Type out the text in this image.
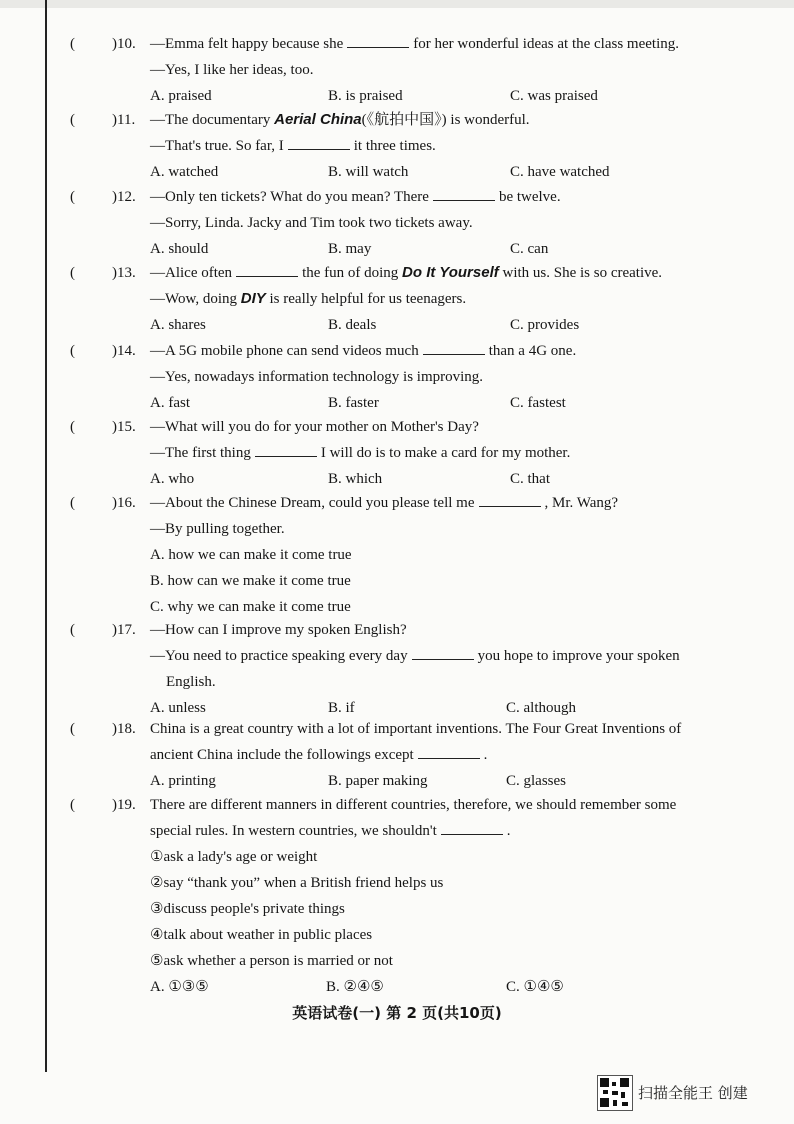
( )10. —Emma felt happy because she	for her wonderful ideas at the class meeting.
—Yes, I like her ideas, too.
A. praised	B. is praised	C. was praised
( )11. —The documentary Aerial China(《航拍中国》) is wonderful.
—That's true. So far, I	it three times.
A. watched	B. will watch	C. have watched
( )12. —Only ten tickets? What do you mean? There	be twelve.
—Sorry, Linda. Jacky and Tim took two tickets away.
A. should	B. may	C. can
( )13. —Alice often	the fun of doing Do It Yourself with us. She is so creative.
—Wow, doing DIY is really helpful for us teenagers.
A. shares	B. deals	C. provides
( )14. —A 5G mobile phone can send videos much	than a 4G one.
—Yes, nowadays information technology is improving.
A. fast	B. faster	C. fastest
( )15. —What will you do for your mother on Mother's Day?
—The first thing	I will do is to make a card for my mother.
A. who	B. which	C. that
( )16. —About the Chinese Dream, could you please tell me	, Mr. Wang?
—By pulling together.
A. how we can make it come true
B. how can we make it come true
C. why we can make it come true
( )17. —How can I improve my spoken English?
—You need to practice speaking every day	you hope to improve your spoken
English.
A. unless	B. if	C. although
( )18. China is a great country with a lot of important inventions. The Four Great Inventions of
ancient China include the followings except	.
A. printing	B. paper making	C. glasses
( )19. There are different manners in different countries, therefore, we should remember some
special rules. In western countries, we shouldn't	.
①ask a lady's age or weight
②say “thank you” when a British friend helps us
③discuss people's private things
④talk about weather in public places
⑤ask whether a person is married or not
A. ①③⑤	B. ②④⑤	C. ①④⑤
英语试卷(一) 第 2 页(共10页)
扫描全能王 创建
